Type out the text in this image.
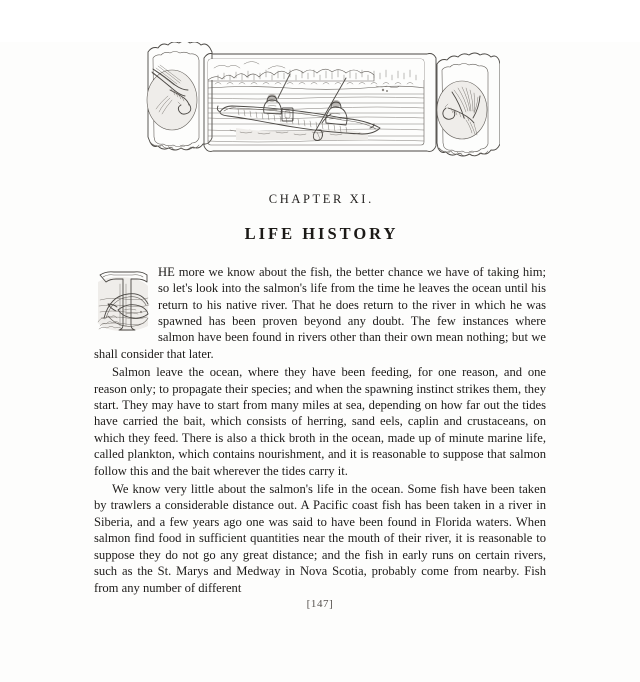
CHAPTER XI.

LIFE HISTORY

HE more we know about the fish, the better chance we have of taking him; so let's look into the salmon's life from the time he leaves the ocean until his return to his native river. That he does return to the river in which he was spawned has been proven beyond any doubt. The few instances where salmon have been found in rivers other than their own mean nothing; but we shall consider that later.

Salmon leave the ocean, where they have been feeding, for one reason, and one reason only; to propagate their species; and when the spawning instinct strikes them, they start. They may have to start from many miles at sea, depending on how far out the tides have carried the bait, which consists of herring, sand eels, caplin and crustaceans, on which they feed. There is also a thick broth in the ocean, made up of minute marine life, called plankton, which contains nourishment, and it is reasonable to suppose that salmon follow this and the bait wherever the tides carry it.

We know very little about the salmon's life in the ocean. Some fish have been taken by trawlers a considerable distance out. A Pacific coast fish has been taken in a river in Siberia, and a few years ago one was said to have been found in Florida waters. When salmon find food in sufficient quantities near the mouth of their river, it is reasonable to suppose they do not go any great distance; and the fish in early runs on certain rivers, such as the St. Marys and Medway in Nova Scotia, probably come from nearby. Fish from any number of different

[147]
